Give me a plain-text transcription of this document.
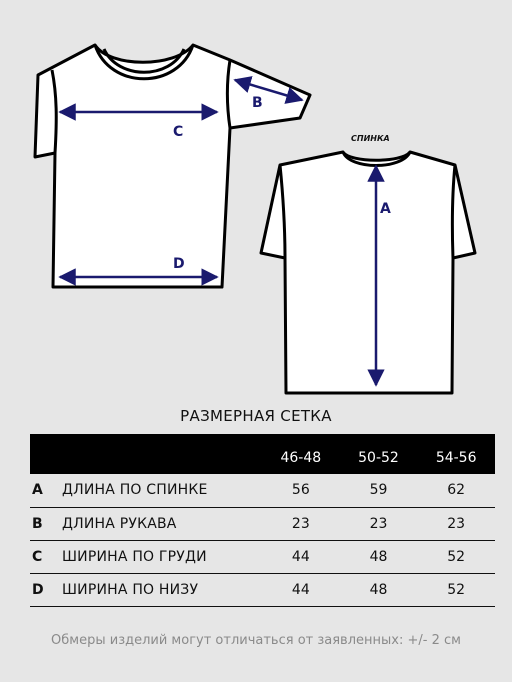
C
D
B
СПИНКА
A
РАЗМЕРНАЯ СЕТКА
		46-48	50-52	54-56
A	ДЛИНА ПО СПИНКЕ	56	59	62
B	ДЛИНА РУКАВА	23	23	23
C	ШИРИНА ПО ГРУДИ	44	48	52
D	ШИРИНА ПО НИЗУ	44	48	52
Обмеры изделий могут отличаться от заявленных: +/- 2 см
